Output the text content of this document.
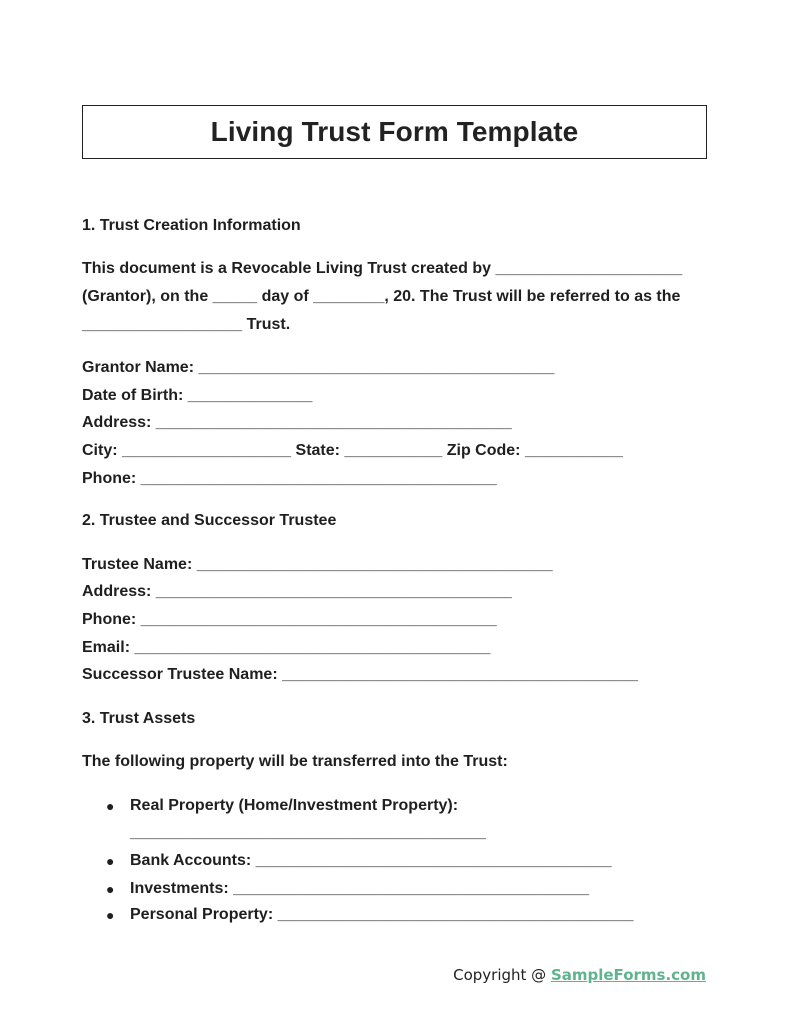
Living Trust Form Template
1. Trust Creation Information
This document is a Revocable Living Trust created by _____________________
(Grantor), on the _____ day of ________, 20. The Trust will be referred to as the
__________________ Trust.
Grantor Name: ________________________________________
Date of Birth: ______________
Address: ________________________________________
City: ___________________ State: ___________ Zip Code: ___________
Phone: ________________________________________
2. Trustee and Successor Trustee
Trustee Name: ________________________________________
Address: ________________________________________
Phone: ________________________________________
Email: ________________________________________
Successor Trustee Name: ________________________________________
3. Trust Assets
The following property will be transferred into the Trust:
● Real Property (Home/Investment Property):
________________________________________
● Bank Accounts: ________________________________________
● Investments: ________________________________________
● Personal Property: ________________________________________
Copyright @ SampleForms.com
